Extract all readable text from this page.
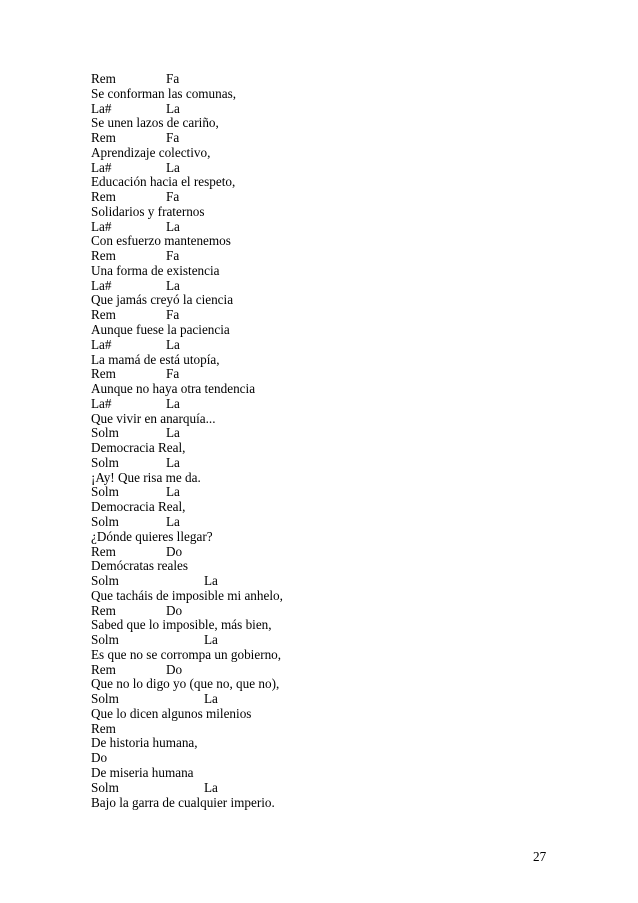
Rem	Fa
Se conforman las comunas,
La#	La
Se unen lazos de cariño,
Rem	Fa
Aprendizaje colectivo,
La#	La
Educación hacia el respeto,
Rem	Fa
Solidarios y fraternos
La#	La
Con esfuerzo mantenemos
Rem	Fa
Una forma de existencia
La#	La
Que jamás creyó la ciencia
Rem	Fa
Aunque fuese la paciencia
La#	La
La mamá de está utopía,
Rem	Fa
Aunque no haya otra tendencia
La#	La
Que vivir en anarquía...
Solm	La
Democracia Real,
Solm	La
¡Ay! Que risa me da.
Solm	La
Democracia Real,
Solm	La
¿Dónde quieres llegar?
Rem	Do
Demócratas reales
Solm	La
Que tacháis de imposible mi anhelo,
Rem	Do
Sabed que lo imposible, más bien,
Solm	La
Es que no se corrompa un gobierno,
Rem	Do
Que no lo digo yo (que no, que no),
Solm	La
Que lo dicen algunos milenios
Rem
De historia humana,
Do
De miseria humana
Solm	La
Bajo la garra de cualquier imperio.
27
